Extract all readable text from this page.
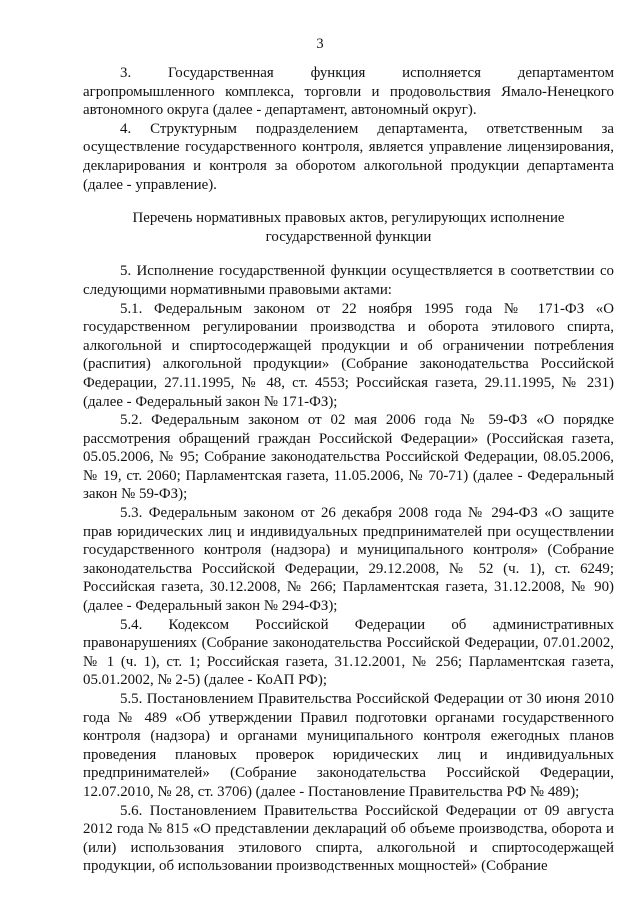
3

3. Государственная функция исполняется департаментом агропромышленного комплекса, торговли и продовольствия Ямало-Ненецкого автономного округа (далее - департамент, автономный округ).

4. Структурным подразделением департамента, ответственным за осуществление государственного контроля, является управление лицензирования, декларирования и контроля за оборотом алкогольной продукции департамента (далее - управление).

Перечень нормативных правовых актов, регулирующих исполнение государственной функции

5. Исполнение государственной функции осуществляется в соответствии со следующими нормативными правовыми актами:

5.1. Федеральным законом от 22 ноября 1995 года № 171-ФЗ «О государственном регулировании производства и оборота этилового спирта, алкогольной и спиртосодержащей продукции и об ограничении потребления (распития) алкогольной продукции» (Собрание законодательства Российской Федерации, 27.11.1995, № 48, ст. 4553; Российская газета, 29.11.1995, № 231) (далее - Федеральный закон № 171-ФЗ);

5.2. Федеральным законом от 02 мая 2006 года № 59-ФЗ «О порядке рассмотрения обращений граждан Российской Федерации» (Российская газета, 05.05.2006, № 95; Собрание законодательства Российской Федерации, 08.05.2006, № 19, ст. 2060; Парламентская газета, 11.05.2006, № 70-71) (далее - Федеральный закон № 59-ФЗ);

5.3. Федеральным законом от 26 декабря 2008 года № 294-ФЗ «О защите прав юридических лиц и индивидуальных предпринимателей при осуществлении государственного контроля (надзора) и муниципального контроля» (Собрание законодательства Российской Федерации, 29.12.2008, № 52 (ч. 1), ст. 6249; Российская газета, 30.12.2008, № 266; Парламентская газета, 31.12.2008, № 90) (далее - Федеральный закон № 294-ФЗ);

5.4. Кодексом Российской Федерации об административных правонарушениях (Собрание законодательства Российской Федерации, 07.01.2002, № 1 (ч. 1), ст. 1; Российская газета, 31.12.2001, № 256; Парламентская газета, 05.01.2002, № 2-5) (далее - КоАП РФ);

5.5. Постановлением Правительства Российской Федерации от 30 июня 2010 года № 489 «Об утверждении Правил подготовки органами государственного контроля (надзора) и органами муниципального контроля ежегодных планов проведения плановых проверок юридических лиц и индивидуальных предпринимателей» (Собрание законодательства Российской Федерации, 12.07.2010, № 28, ст. 3706) (далее - Постановление Правительства РФ № 489);

5.6. Постановлением Правительства Российской Федерации от 09 августа 2012 года № 815 «О представлении деклараций об объеме производства, оборота и (или) использования этилового спирта, алкогольной и спиртосодержащей продукции, об использовании производственных мощностей» (Собрание
